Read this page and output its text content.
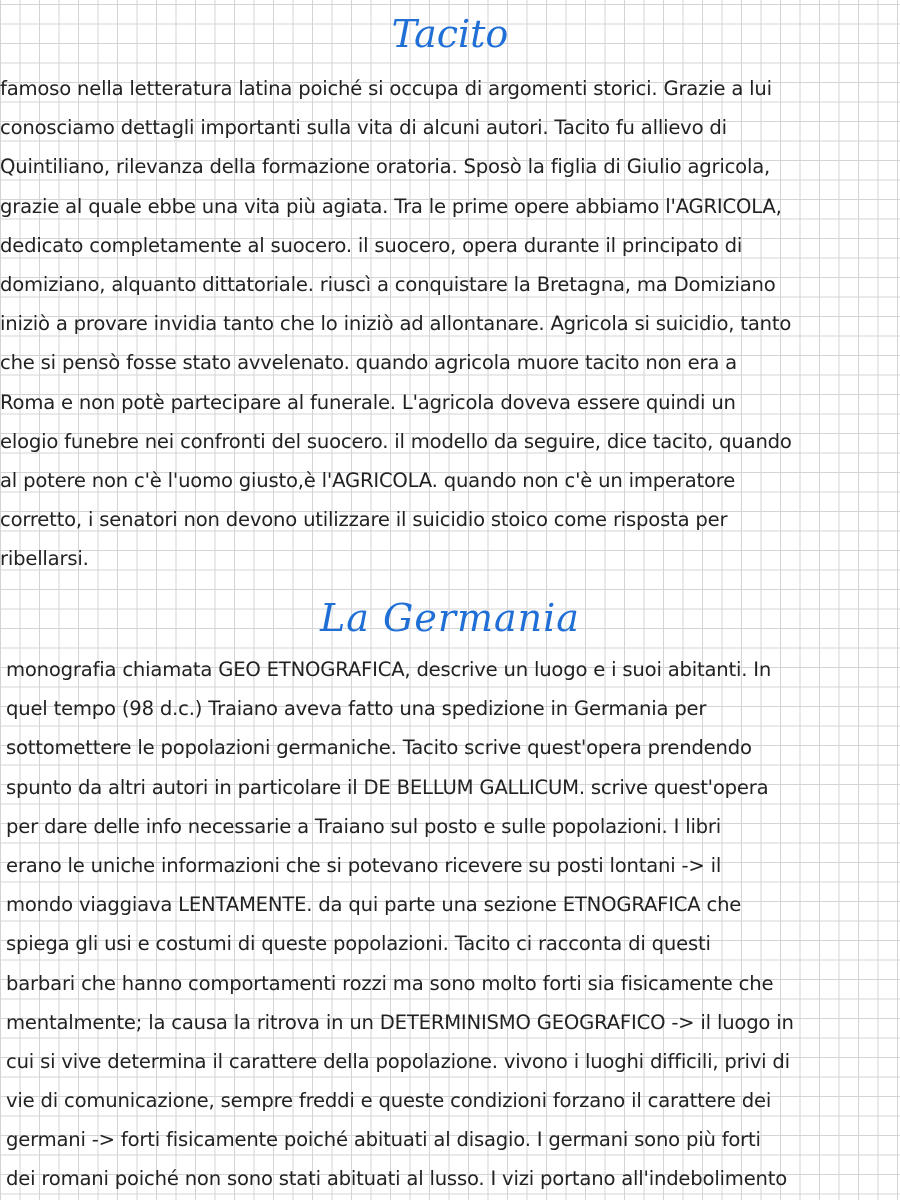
Tacito
famoso nella letteratura latina poiché si occupa di argomenti storici. Grazie a lui
conosciamo dettagli importanti sulla vita di alcuni autori. Tacito fu allievo di
Quintiliano, rilevanza della formazione oratoria. Sposò la figlia di Giulio agricola,
grazie al quale ebbe una vita più agiata. Tra le prime opere abbiamo l'AGRICOLA,
dedicato completamente al suocero. il suocero, opera durante il principato di
domiziano, alquanto dittatoriale. riuscì a conquistare la Bretagna, ma Domiziano
iniziò a provare invidia tanto che lo iniziò ad allontanare. Agricola si suicidio, tanto
che si pensò fosse stato avvelenato. quando agricola muore tacito non era a
Roma e non potè partecipare al funerale. L'agricola doveva essere quindi un
elogio funebre nei confronti del suocero. il modello da seguire, dice tacito, quando
al potere non c'è l'uomo giusto,è l'AGRICOLA. quando non c'è un imperatore
corretto, i senatori non devono utilizzare il suicidio stoico come risposta per
ribellarsi.
La Germania
monografia chiamata GEO ETNOGRAFICA, descrive un luogo e i suoi abitanti. In
quel tempo (98 d.c.) Traiano aveva fatto una spedizione in Germania per
sottomettere le popolazioni germaniche. Tacito scrive quest'opera prendendo
spunto da altri autori in particolare il DE BELLUM GALLICUM. scrive quest'opera
per dare delle info necessarie a Traiano sul posto e sulle popolazioni. I libri
erano le uniche informazioni che si potevano ricevere su posti lontani -> il
mondo viaggiava LENTAMENTE. da qui parte una sezione ETNOGRAFICA che
spiega gli usi e costumi di queste popolazioni. Tacito ci racconta di questi
barbari che hanno comportamenti rozzi ma sono molto forti sia fisicamente che
mentalmente; la causa la ritrova in un DETERMINISMO GEOGRAFICO -> il luogo in
cui si vive determina il carattere della popolazione. vivono i luoghi difficili, privi di
vie di comunicazione, sempre freddi e queste condizioni forzano il carattere dei
germani -> forti fisicamente poiché abituati al disagio. I germani sono più forti
dei romani poiché non sono stati abituati al lusso. I vizi portano all'indebolimento
